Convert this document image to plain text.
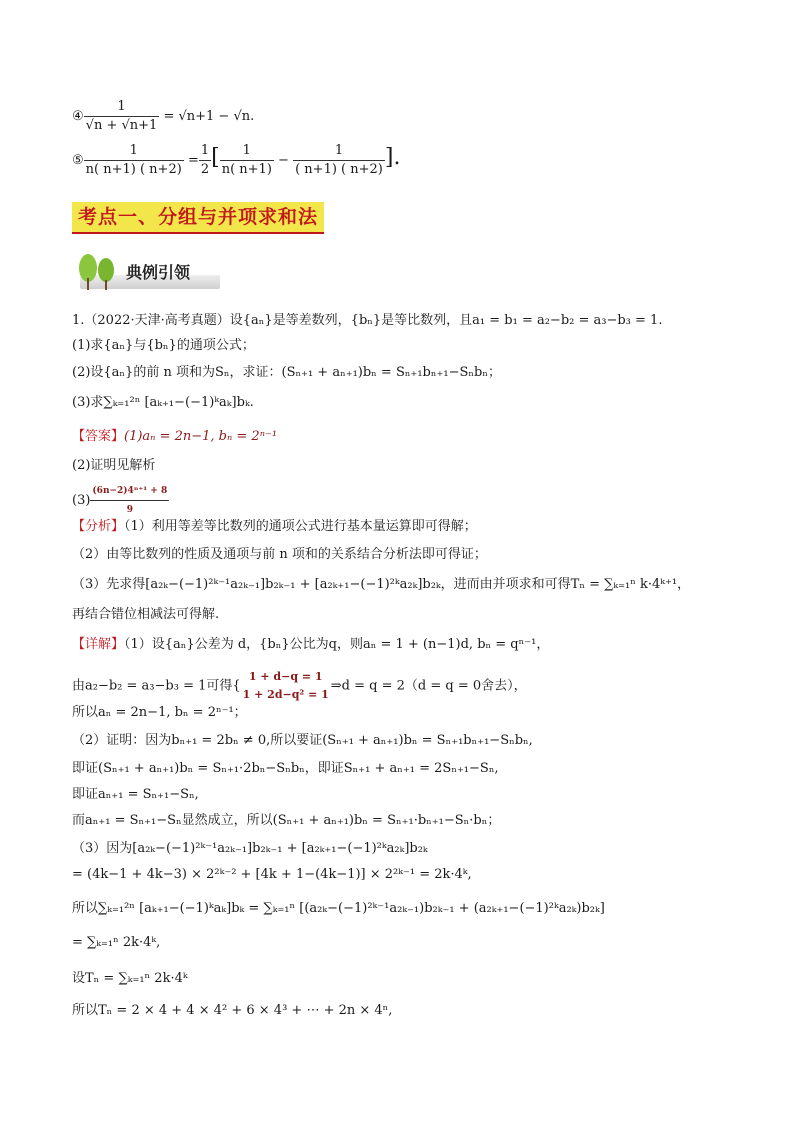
④ $\frac{1}{√n + √n+1} = √n+1 - √n$.
⑤ $\frac{1}{n( n+1) ( n+2)} = \frac{1}{2}$ [ $\frac{1}{n( n+1)} - \frac{1}{( n+1) ( n+2)}$ ].
考点一、分组与并项求和法
典例引领
1.（2022·天津·高考真题）设{aₙ}是等差数列，{bₙ}是等比数列，且a₁ = b₁ = a₂−b₂ = a₃−b₃ = 1.
(1)求{aₙ}与{bₙ}的通项公式；
(2)设{aₙ}的前 n 项和为Sₙ，求证：(Sₙ₊₁ + aₙ₊₁)bₙ = Sₙ₊₁bₙ₊₁−Sₙbₙ；
(3)求∑ₖ₌₁²ⁿ [aₖ₊₁−(−1)ᵏaₖ]bₖ.
【答案】(1)aₙ = 2n−1, bₙ = 2ⁿ⁻¹
(2)证明见解析
$(3) \frac{\text{(6n−2)4ⁿ⁺¹ + 8}}{9}$
【分析】（1）利用等差等比数列的通项公式进行基本量运算即可得解；
（2）由等比数列的性质及通项与前 n 项和的关系结合分析法即可得证；
（3）先求得[a₂ₖ−(−1)²ᵏ⁻¹a₂ₖ₋₁]b₂ₖ₋₁ + [a₂ₖ₊₁−(−1)²ᵏa₂ₖ]b₂ₖ，进而由并项求和可得Tₙ = ∑ₖ₌₁ⁿ k·4ᵏ⁺¹，
再结合错位相减法可得解.
【详解】（1）设{aₙ}公差为 d，{bₙ}公比为q，则aₙ = 1 + (n−1)d, bₙ = qⁿ⁻¹，
由a₂−b₂ = a₃−b₃ = 1可得{
1 + d−q = 1
1 + 2d−q² = 1
⇒d = q = 2（d = q = 0舍去），
所以aₙ = 2n−1, bₙ = 2ⁿ⁻¹；
（2）证明：因为bₙ₊₁ = 2bₙ ≠ 0,所以要证(Sₙ₊₁ + aₙ₊₁)bₙ = Sₙ₊₁bₙ₊₁−Sₙbₙ,
即证(Sₙ₊₁ + aₙ₊₁)bₙ = Sₙ₊₁·2bₙ−Sₙbₙ，即证Sₙ₊₁ + aₙ₊₁ = 2Sₙ₊₁−Sₙ,
即证aₙ₊₁ = Sₙ₊₁−Sₙ,
而aₙ₊₁ = Sₙ₊₁−Sₙ显然成立，所以(Sₙ₊₁ + aₙ₊₁)bₙ = Sₙ₊₁·bₙ₊₁−Sₙ·bₙ；
（3）因为[a₂ₖ−(−1)²ᵏ⁻¹a₂ₖ₋₁]b₂ₖ₋₁ + [a₂ₖ₊₁−(−1)²ᵏa₂ₖ]b₂ₖ
= (4k−1 + 4k−3) × 2²ᵏ⁻² + [4k + 1−(4k−1)] × 2²ᵏ⁻¹ = 2k·4ᵏ,
所以∑ₖ₌₁²ⁿ [aₖ₊₁−(−1)ᵏaₖ]bₖ = ∑ₖ₌₁ⁿ [(a₂ₖ−(−1)²ᵏ⁻¹a₂ₖ₋₁)b₂ₖ₋₁ + (a₂ₖ₊₁−(−1)²ᵏa₂ₖ)b₂ₖ]
= ∑ₖ₌₁ⁿ 2k·4ᵏ,
设Tₙ = ∑ₖ₌₁ⁿ 2k·4ᵏ
所以Tₙ = 2 × 4 + 4 × 4² + 6 × 4³ + ⋯ + 2n × 4ⁿ,
